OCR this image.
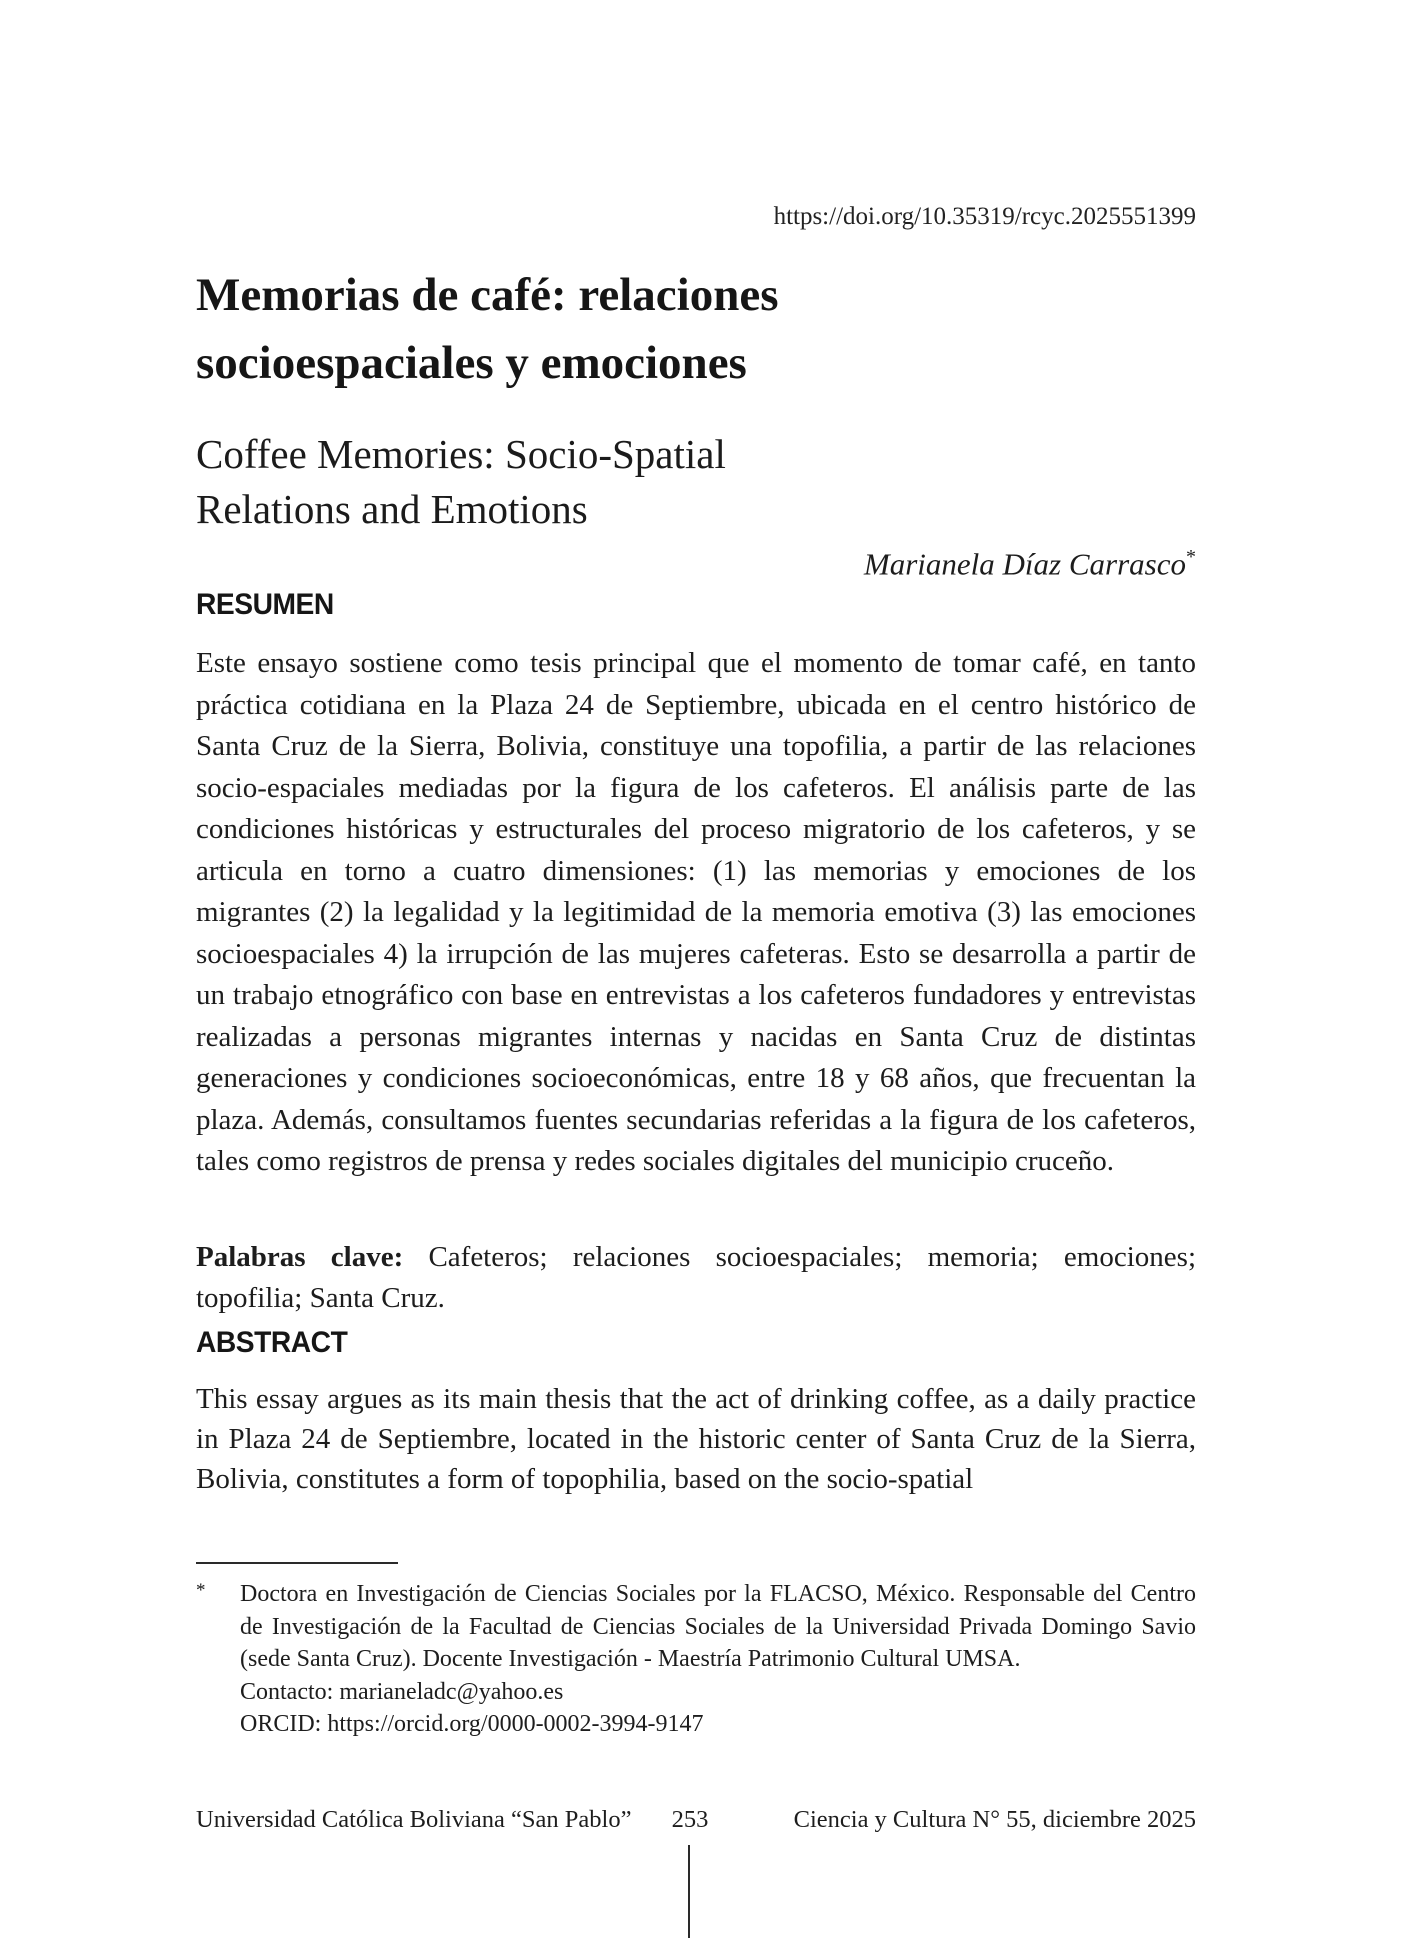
https://doi.org/10.35319/rcyc.2025551399
Memorias de café: relaciones
socioespaciales y emociones
Coffee Memories: Socio-Spatial
Relations and Emotions
Marianela Díaz Carrasco*
RESUMEN
Este ensayo sostiene como tesis principal que el momento de tomar café, en tanto práctica cotidiana en la Plaza 24 de Septiembre, ubicada en el centro histórico de Santa Cruz de la Sierra, Bolivia, constituye una topofilia, a partir de las relaciones socio-espaciales mediadas por la figura de los cafeteros. El análisis parte de las condiciones históricas y estructurales del proceso migratorio de los cafeteros, y se articula en torno a cuatro dimensiones: (1) las memorias y emociones de los migrantes (2) la legalidad y la legitimidad de la memoria emotiva (3) las emociones socioespaciales 4) la irrupción de las mujeres cafeteras. Esto se desarrolla a partir de un trabajo etnográfico con base en entrevistas a los cafeteros fundadores y entrevistas realizadas a personas migrantes internas y nacidas en Santa Cruz de distintas generaciones y condiciones socioeconómicas, entre 18 y 68 años, que frecuentan la plaza. Además, consultamos fuentes secundarias referidas a la figura de los cafeteros, tales como registros de prensa y redes sociales digitales del municipio cruceño.
Palabras clave: Cafeteros; relaciones socioespaciales; memoria; emociones; topofilia; Santa Cruz.
ABSTRACT
This essay argues as its main thesis that the act of drinking coffee, as a daily practice in Plaza 24 de Septiembre, located in the historic center of Santa Cruz de la Sierra, Bolivia, constitutes a form of topophilia, based on the socio-spatial
* Doctora en Investigación de Ciencias Sociales por la FLACSO, México. Responsable del Centro de Investigación de la Facultad de Ciencias Sociales de la Universidad Privada Domingo Savio (sede Santa Cruz). Docente Investigación - Maestría Patrimonio Cultural UMSA.
Contacto: marianeladc@yahoo.es
ORCID: https://orcid.org/0000-0002-3994-9147
Universidad Católica Boliviana “San Pablo”	253	Ciencia y Cultura N° 55, diciembre 2025
